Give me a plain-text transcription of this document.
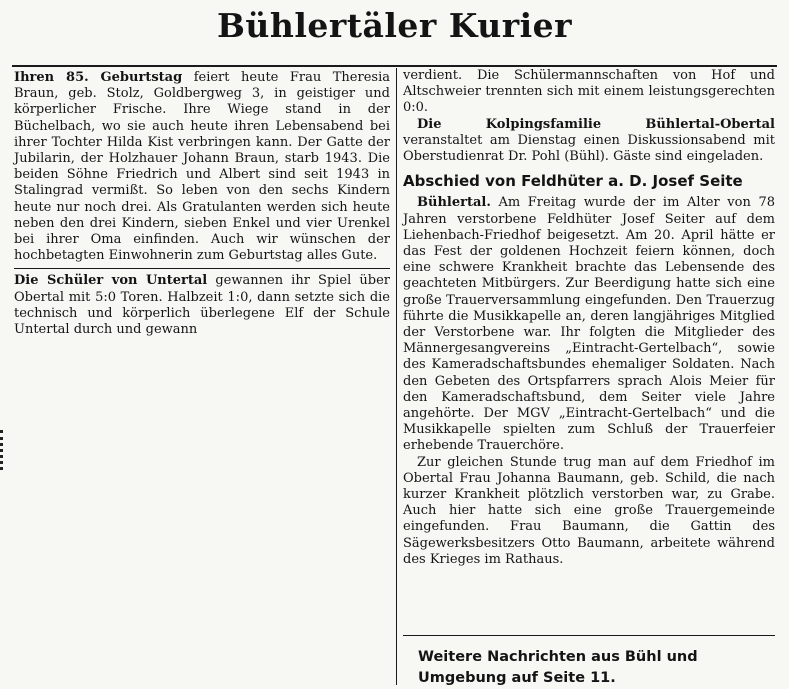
Bühlertäler Kurier

Ihren 85. Geburtstag feiert heute Frau Theresia Braun, geb. Stolz, Goldbergweg 3, in geistiger und körperlicher Frische. Ihre Wiege stand in der Büchelbach, wo sie auch heute ihren Lebensabend bei ihrer Tochter Hilda Kist verbringen kann. Der Gatte der Jubilarin, der Holzhauer Johann Braun, starb 1943. Die beiden Söhne Friedrich und Albert sind seit 1943 in Stalingrad vermißt. So leben von den sechs Kindern heute nur noch drei. Als Gratulanten werden sich heute neben den drei Kindern, sieben Enkel und vier Urenkel bei ihrer Oma einfinden. Auch wir wünschen der hochbetagten Einwohnerin zum Geburtstag alles Gute.

Die Schüler von Untertal gewannen ihr Spiel über Obertal mit 5:0 Toren. Halbzeit 1:0, dann setzte sich die technisch und körperlich überlegene Elf der Schule Untertal durch und gewann

verdient. Die Schülermannschaften von Hof und Altschweier trennten sich mit einem leistungsgerechten 0:0.

Die Kolpingsfamilie Bühlertal-Obertal veranstaltet am Dienstag einen Diskussionsabend mit Oberstudienrat Dr. Pohl (Bühl). Gäste sind eingeladen.

Abschied von Feldhüter a. D. Josef Seite

Bühlertal. Am Freitag wurde der im Alter von 78 Jahren verstorbene Feldhüter Josef Seiter auf dem Liehenbach-Friedhof beigesetzt. Am 20. April hätte er das Fest der goldenen Hochzeit feiern können, doch eine schwere Krankheit brachte das Lebensende des geachteten Mitbürgers. Zur Beerdigung hatte sich eine große Trauerversammlung eingefunden. Den Trauerzug führte die Musikkapelle an, deren langjähriges Mitglied der Verstorbene war. Ihr folgten die Mitglieder des Männergesangvereins „Eintracht-Gertelbach“, sowie des Kameradschaftsbundes ehemaliger Soldaten. Nach den Gebeten des Ortspfarrers sprach Alois Meier für den Kameradschaftsbund, dem Seiter viele Jahre angehörte. Der MGV „Eintracht-Gertelbach“ und die Musikkapelle spielten zum Schluß der Trauerfeier erhebende Trauerchöre.

Zur gleichen Stunde trug man auf dem Friedhof im Obertal Frau Johanna Baumann, geb. Schild, die nach kurzer Krankheit plötzlich verstorben war, zu Grabe. Auch hier hatte sich eine große Trauergemeinde eingefunden. Frau Baumann, die Gattin des Sägewerksbesitzers Otto Baumann, arbeitete während des Krieges im Rathaus.

Weitere Nachrichten aus Bühl und Umgebung auf Seite 11.
